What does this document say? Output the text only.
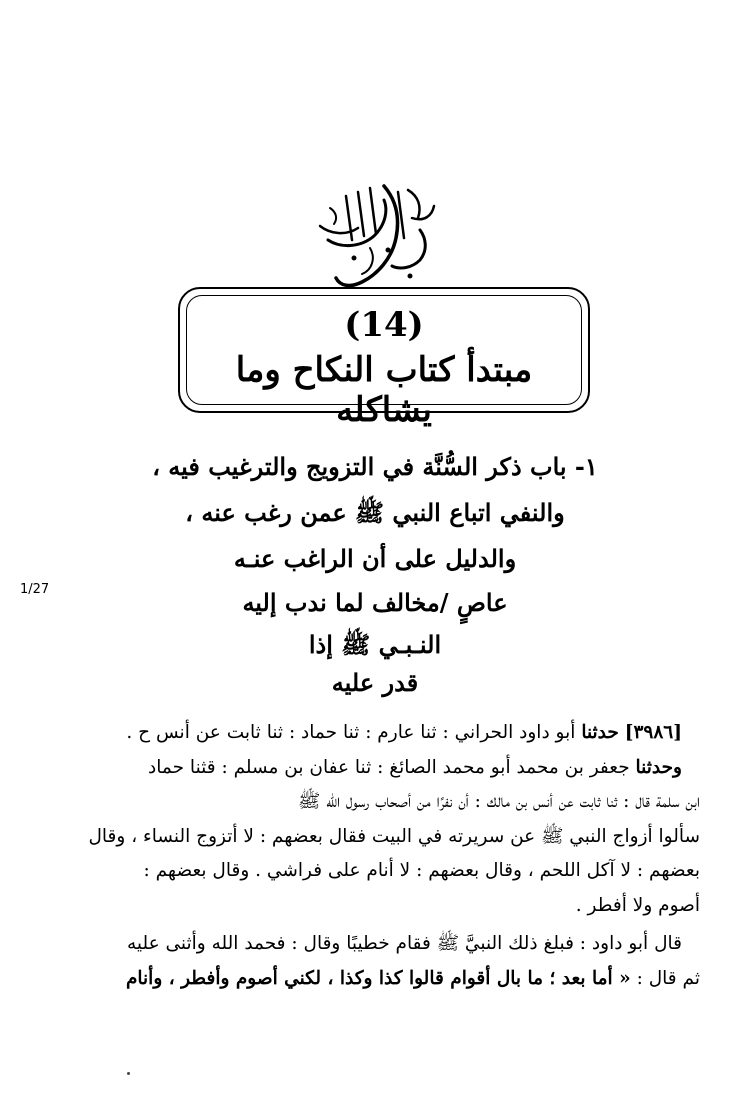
(14)
مبتدأ كتاب النكاح وما يشاكله
١- باب ذكر السُّنَّة في التزويج والترغيب فيه ،
والنفي اتباع النبي ﷺ عمن رغب عنه ،
والدليل على أن الراغب عنـه
عاصٍ /مخالف لما ندب إليه
النـبـي ﷺ إذا
قدر عليه
1/27
[٣٩٨٦] حدثنا أبو داود الحراني : ثنا عارم : ثنا حماد : ثنا ثابت عن أنس ح .
وحدثنا جعفر بن محمد أبو محمد الصائغ : ثنا عفان بن مسلم : قثنا حماد
ابن سلمة قال : ثنا ثابت عن أنس بن مالك : أن نفرًا من أصحاب رسول الله ﷺ
سألوا أزواج النبي ﷺ عن سريرته في البيت فقال بعضهم : لا أتزوج النساء ، وقال
بعضهم : لا آكل اللحم ، وقال بعضهم : لا أنام على فراشي . وقال بعضهم :
أصوم ولا أفطر .
قال أبو داود : فبلغ ذلك النبيَّ ﷺ فقام خطيبًا وقال : فحمد الله وأثنى عليه
ثم قال : « أما بعد ؛ ما بال أقوام قالوا كذا وكذا ، لكني أصوم وأفطر ، وأنام
